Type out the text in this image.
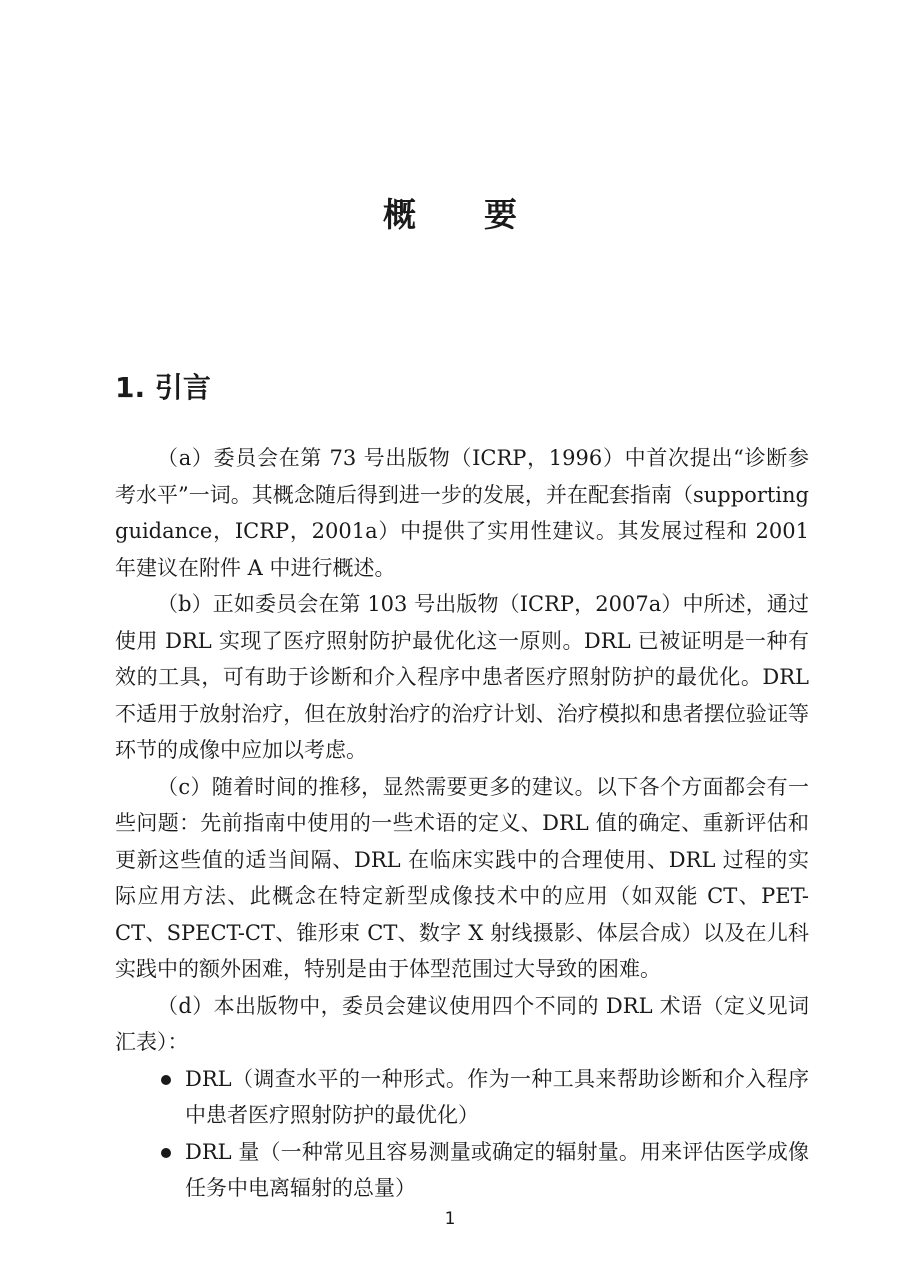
概要
1. 引言

（a）委员会在第 73 号出版物（ICRP，1996）中首次提出“诊断参考水平”一词。其概念随后得到进一步的发展，并在配套指南（supporting guidance，ICRP，2001a）中提供了实用性建议。其发展过程和 2001 年建议在附件 A 中进行概述。

（b）正如委员会在第 103 号出版物（ICRP，2007a）中所述，通过使用 DRL 实现了医疗照射防护最优化这一原则。DRL 已被证明是一种有效的工具，可有助于诊断和介入程序中患者医疗照射防护的最优化。DRL 不适用于放射治疗，但在放射治疗的治疗计划、治疗模拟和患者摆位验证等环节的成像中应加以考虑。

（c）随着时间的推移，显然需要更多的建议。以下各个方面都会有一些问题：先前指南中使用的一些术语的定义、DRL 值的确定、重新评估和更新这些值的适当间隔、DRL 在临床实践中的合理使用、DRL 过程的实际应用方法、此概念在特定新型成像技术中的应用（如双能 CT、PET-CT、SPECT-CT、锥形束 CT、数字 X 射线摄影、体层合成）以及在儿科实践中的额外困难，特别是由于体型范围过大导致的困难。

（d）本出版物中，委员会建议使用四个不同的 DRL 术语（定义见词汇表）：

DRL（调查水平的一种形式。作为一种工具来帮助诊断和介入程序中患者医疗照射防护的最优化）
DRL 量（一种常见且容易测量或确定的辐射量。用来评估医学成像任务中电离辐射的总量）
1
